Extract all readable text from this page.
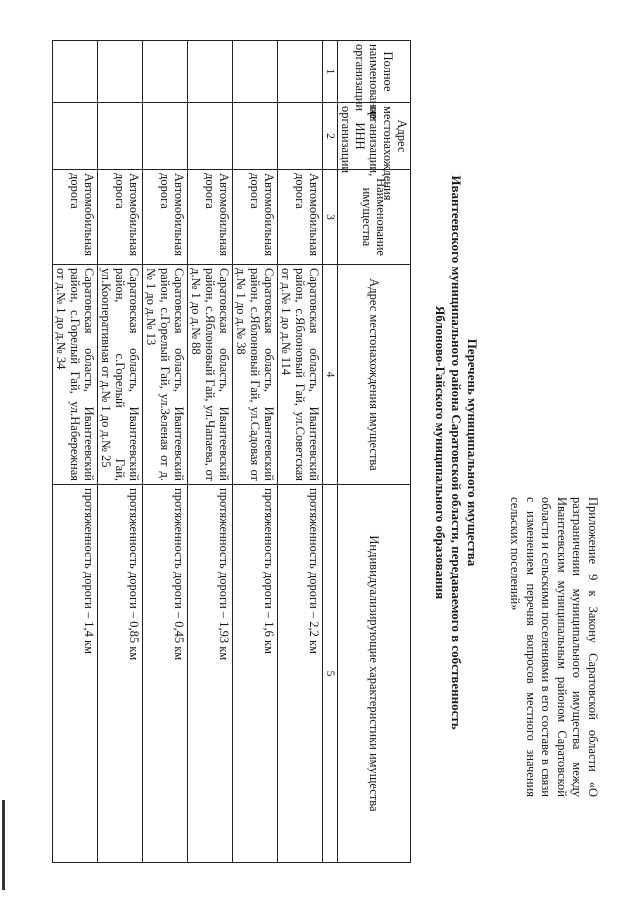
Приложение 9 к Закону Саратовской области «О разграничении муниципального имущества между Ивантеевским муниципальным районом Саратовской области и сельскими поселениями в его составе в связи с изменением перечня вопросов местного значения сельских поселений»
Перечень муниципального имущества
Ивантеевского муниципального района Саратовской области, передаваемого в собственность
Яблоново-Гайского муниципального образования
Полное наименование организации	Адрес местонахождения организации, ИНН организации	Наименование имущества	Адрес местонахождения имущества	Индивидуализирующие характеристики имущества
1	2	3	4	5
		Автомобильная дорога	Саратовская область, Ивантеевский район, с.Яблоновый Гай, ул.Советская от д.№ 1 до д.№ 114	протяженность дороги – 2,2 км
		Автомобильная дорога	Саратовская область, Ивантеевский район, с.Яблоновый Гай, ул.Садовая от д.№ 1 до д.№ 38	протяженность дороги – 1,6 км
		Автомобильная дорога	Саратовская область, Ивантеевский район, с.Яблоновый Гай, ул.Чапаева, от д.№ 1 до д.№ 88	протяженность дороги – 1,93 км
		Автомобильная дорога	Саратовская область, Ивантеевский район, с.Горелый Гай, ул.Зеленая от д.№ 1 до д.№ 13	протяженность дороги – 0,45 км
		Автомобильная дорога	Саратовская область, Ивантеевский район, с.Горелый Гай, ул.Кооперативная от д.№ 1 до д.№ 25	протяженность дороги – 0,85 км
		Автомобильная дорога	Саратовская область, Ивантеевский район, с.Горелый Гай, ул.Набережная от д.№ 1 до д.№ 34	протяженность дороги – 1,4 км
